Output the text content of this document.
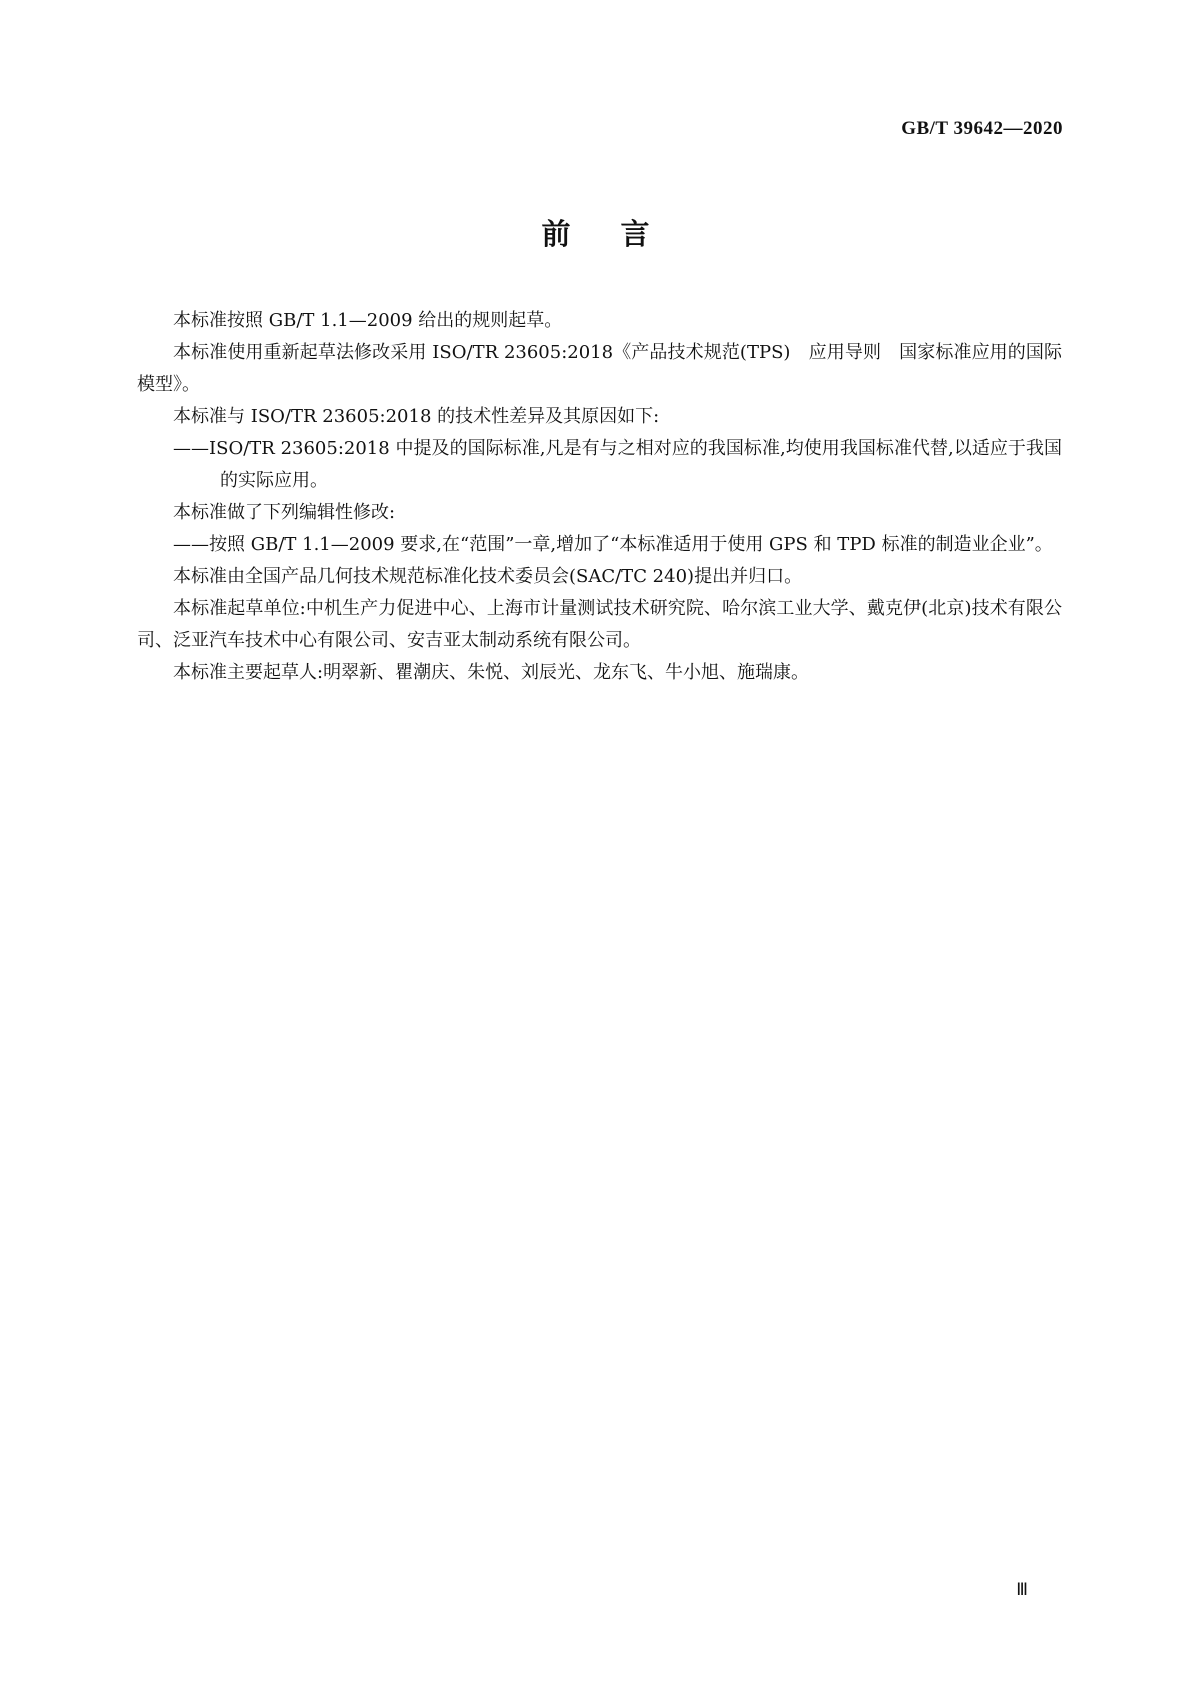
GB/T 39642—2020
前言

本标准按照 GB/T 1.1—2009 给出的规则起草。

本标准使用重新起草法修改采用 ISO/TR 23605:2018《产品技术规范(TPS)　应用导则　国家标准应用的国际模型》。

本标准与 ISO/TR 23605:2018 的技术性差异及其原因如下:

——ISO/TR 23605:2018 中提及的国际标准,凡是有与之相对应的我国标准,均使用我国标准代替,以适应于我国的实际应用。

本标准做了下列编辑性修改:

——按照 GB/T 1.1—2009 要求,在“范围”一章,增加了“本标准适用于使用 GPS 和 TPD 标准的制造业企业”。

本标准由全国产品几何技术规范标准化技术委员会(SAC/TC 240)提出并归口。

本标准起草单位:中机生产力促进中心、上海市计量测试技术研究院、哈尔滨工业大学、戴克伊(北京)技术有限公司、泛亚汽车技术中心有限公司、安吉亚太制动系统有限公司。

本标准主要起草人:明翠新、瞿潮庆、朱悦、刘辰光、龙东飞、牛小旭、施瑞康。

Ⅲ
